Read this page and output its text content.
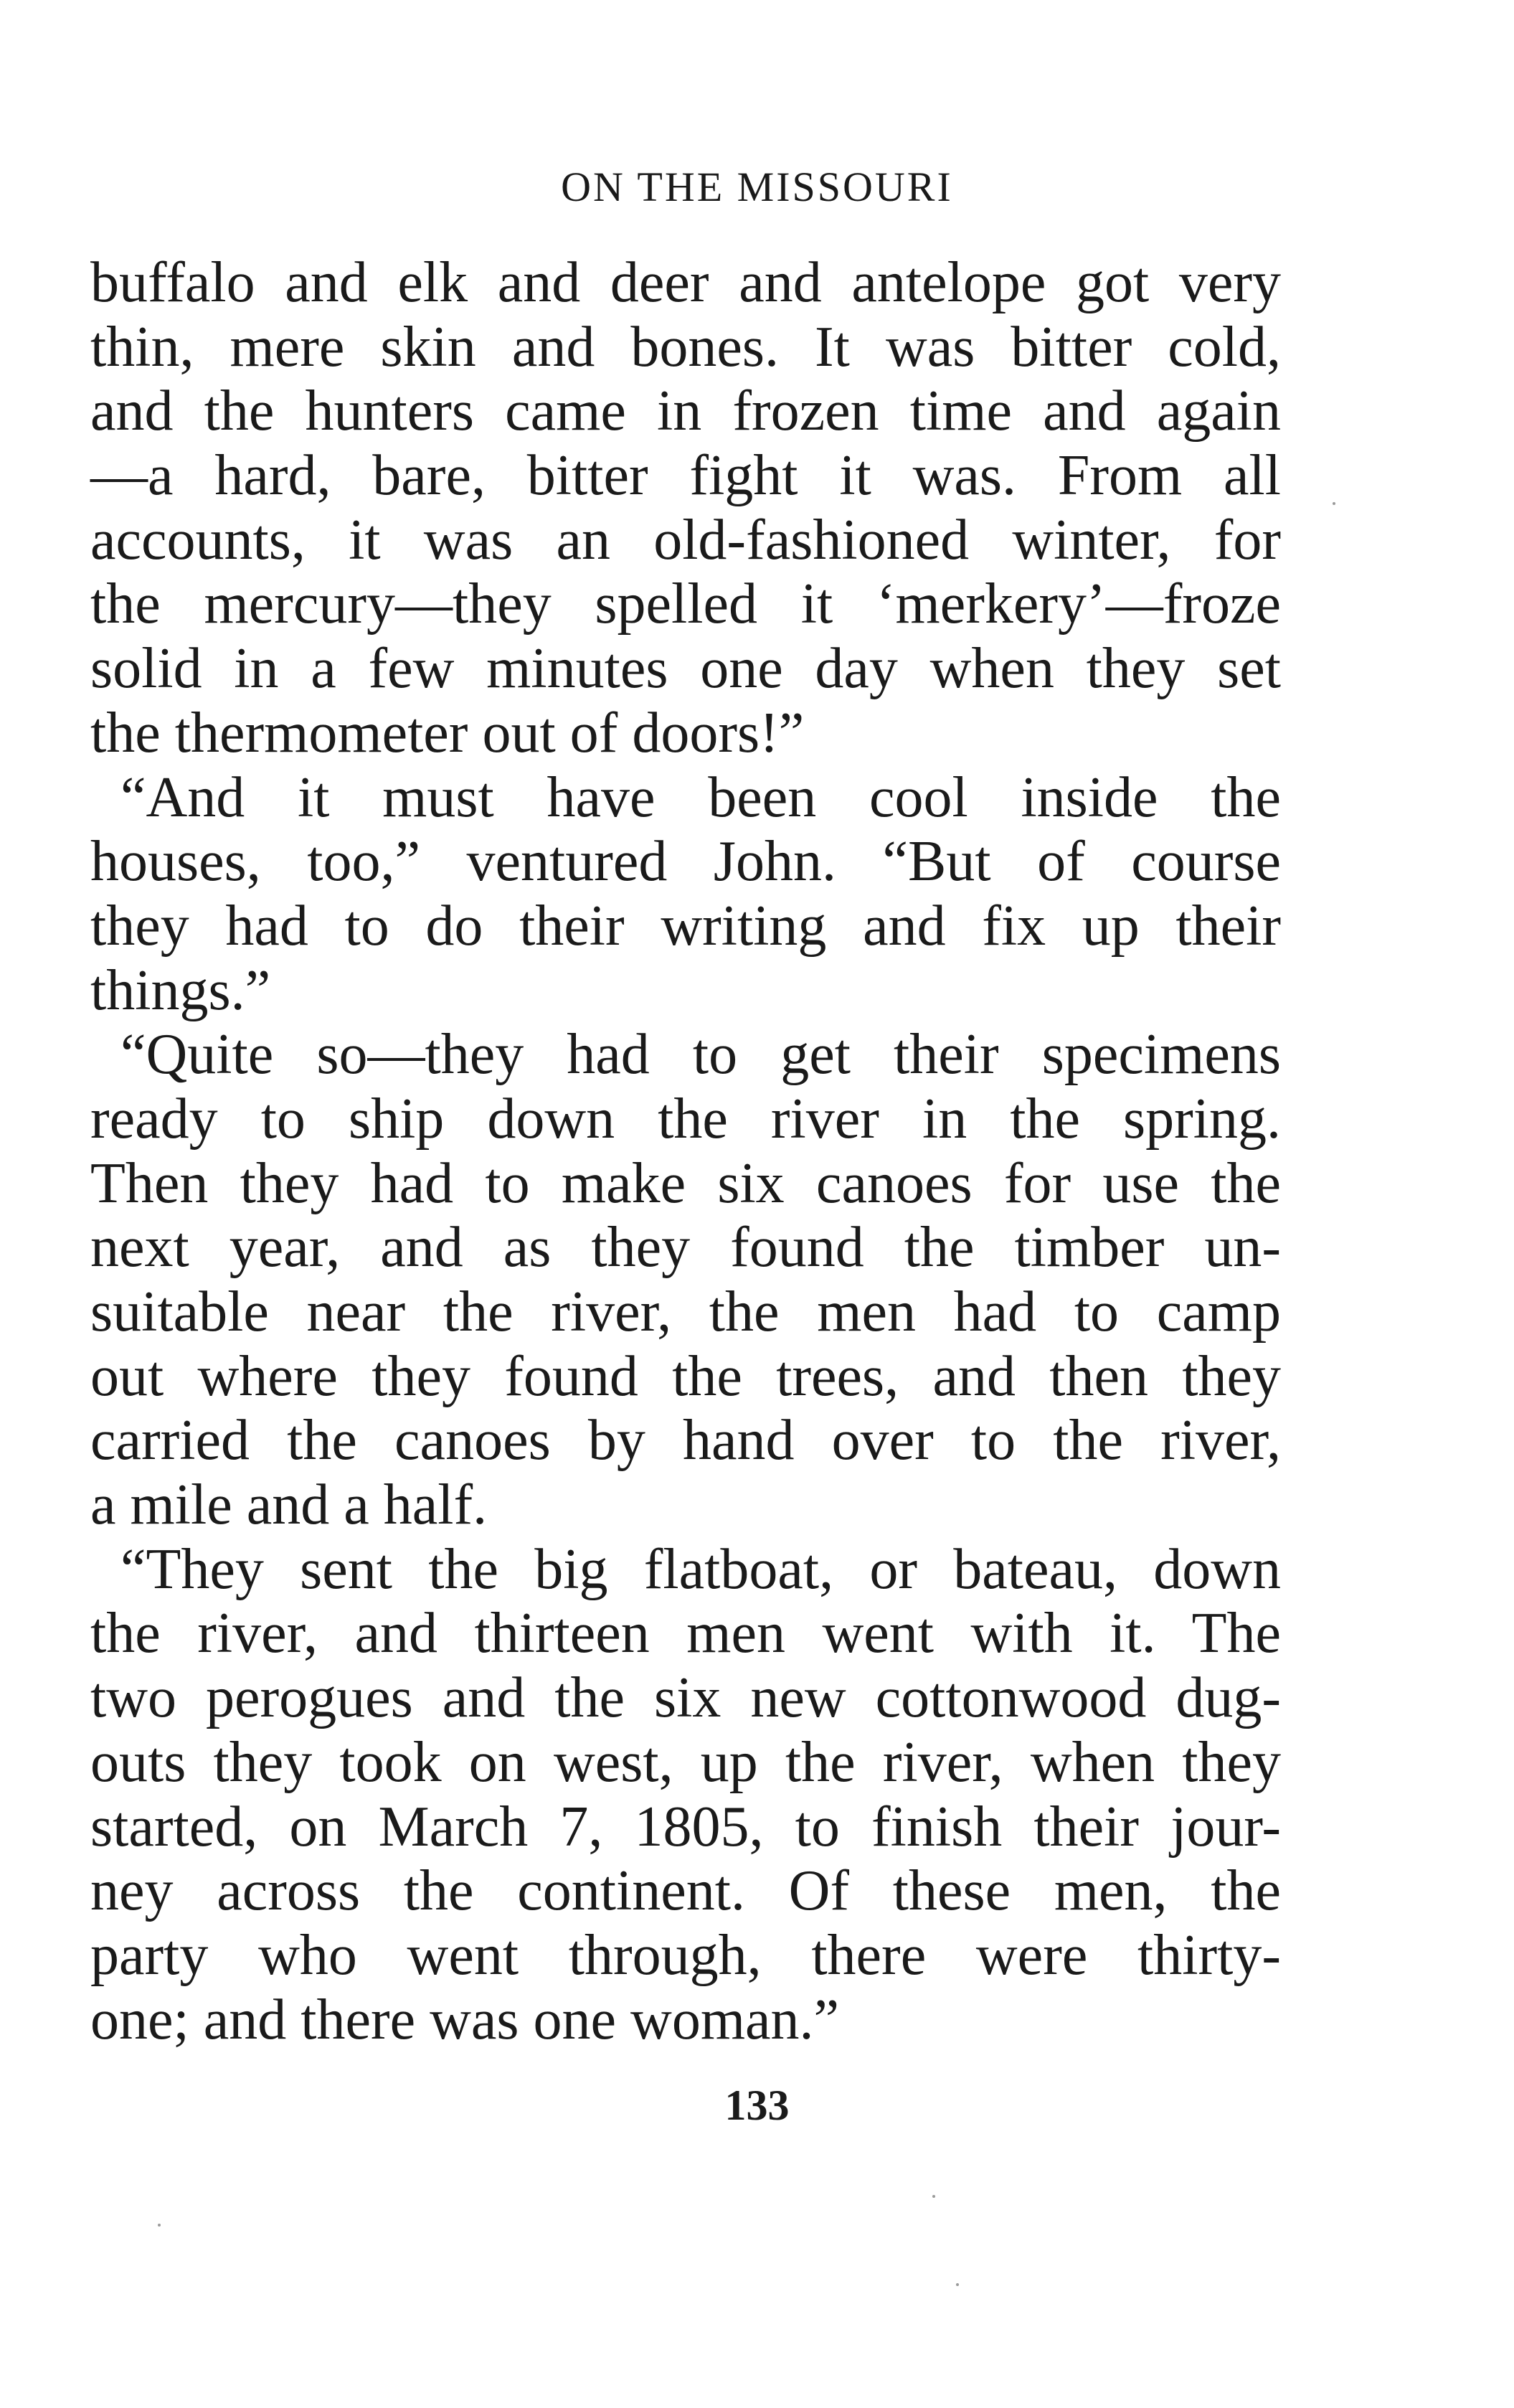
ON THE MISSOURI
buffalo and elk and deer and antelope got very
thin, mere skin and bones. It was bitter cold,
and the hunters came in frozen time and again
—a hard, bare, bitter fight it was. From all
accounts, it was an old-fashioned winter, for
the mercury—they spelled it ‘merkery’—froze
solid in a few minutes one day when they set
the thermometer out of doors!”
“And it must have been cool inside the
houses, too,” ventured John. “But of course
they had to do their writing and fix up their
things.”
“Quite so—they had to get their specimens
ready to ship down the river in the spring.
Then they had to make six canoes for use the
next year, and as they found the timber un-
suitable near the river, the men had to camp
out where they found the trees, and then they
carried the canoes by hand over to the river,
a mile and a half.
“They sent the big flatboat, or bateau, down
the river, and thirteen men went with it. The
two perogues and the six new cottonwood dug-
outs they took on west, up the river, when they
started, on March 7, 1805, to finish their jour-
ney across the continent. Of these men, the
party who went through, there were thirty-
one; and there was one woman.”
133
